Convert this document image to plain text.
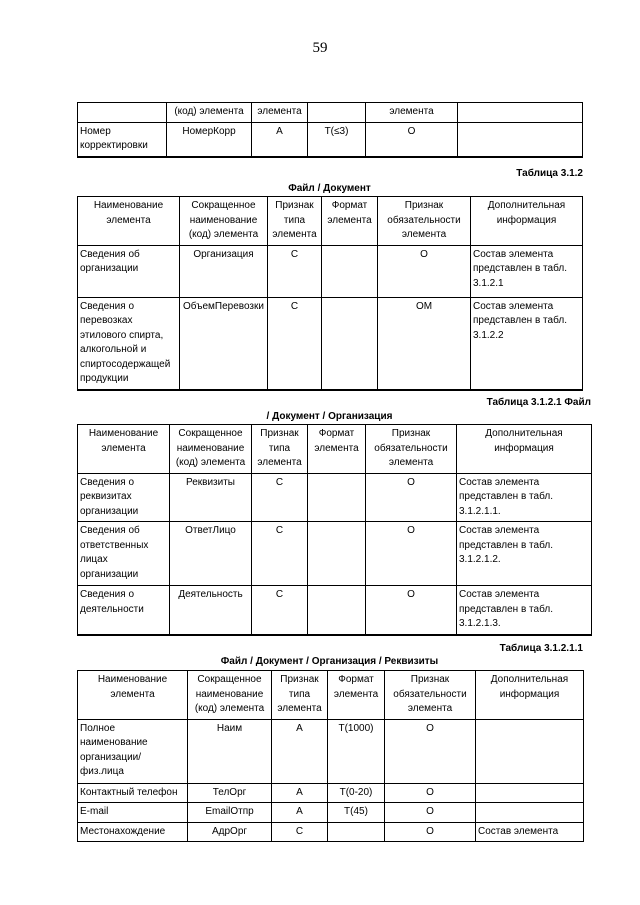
59
	(код) элемента	элемента		элемента	
Номер корректировки	НомерКорр	А	T(≤3)	О	
Таблица 3.1.2
Файл / Документ
Наименование элемента	Сокращенное наименование (код) элемента	Признак типа элемента	Формат элемента	Признак обязательности элемента	Дополнительная информация
Сведения об организации	Организация	С		О	Состав элемента представлен в табл. 3.1.2.1
Сведения о перевозках этилового спирта, алкогольной и спиртосодержащей продукции	ОбъемПеревозки	С		ОМ	Состав элемента представлен в табл. 3.1.2.2
Таблица 3.1.2.1 Файл
/ Документ / Организация
Наименование элемента	Сокращенное наименование (код) элемента	Признак типа элемента	Формат элемента	Признак обязательности элемента	Дополнительная информация
Сведения о реквизитах организации	Реквизиты	С		О	Состав элемента представлен в табл. 3.1.2.1.1.
Сведения об ответственных лицах организации	ОтветЛицо	С		О	Состав элемента представлен в табл. 3.1.2.1.2.
Сведения о деятельности	Деятельность	С		О	Состав элемента представлен в табл. 3.1.2.1.3.
Таблица 3.1.2.1.1
Файл / Документ / Организация / Реквизиты
Наименование элемента	Сокращенное наименование (код) элемента	Признак типа элемента	Формат элемента	Признак обязательности элемента	Дополнительная информация
Полное наименование организации/ физ.лица	Наим	А	T(1000)	О	
Контактный телефон	ТелОрг	А	T(0-20)	О	
E-mail	EmailОтпр	А	T(45)	О	
Местонахождение	АдрОрг	С		О	Состав элемента
